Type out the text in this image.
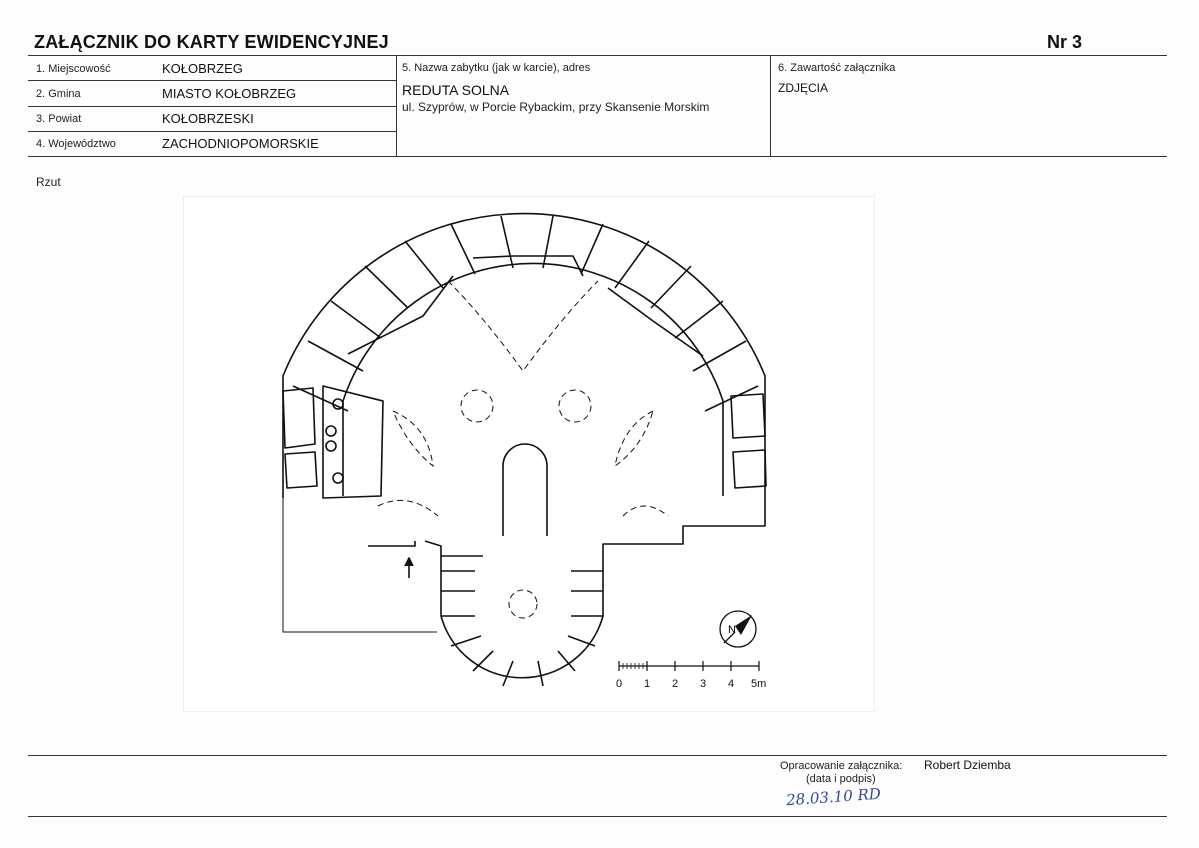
ZAŁĄCZNIK DO KARTY EWIDENCYJNEJ	Nr 3
1. Miejscowość	KOŁOBRZEG
2. Gmina	MIASTO KOŁOBRZEG
3. Powiat	KOŁOBRZESKI
4. Województwo	ZACHODNIOPOMORSKIE
5. Nazwa zabytku (jak w karcie), adres
REDUTA SOLNA
ul. Szyprów, w Porcie Rybackim, przy Skansenie Morskim
6. Zawartość załącznika
ZDJĘCIA
Rzut
N
0 1 2 3 4 5m
Opracowanie załącznika:
(data i podpis)
Robert Dziemba
28.03.10 RD
